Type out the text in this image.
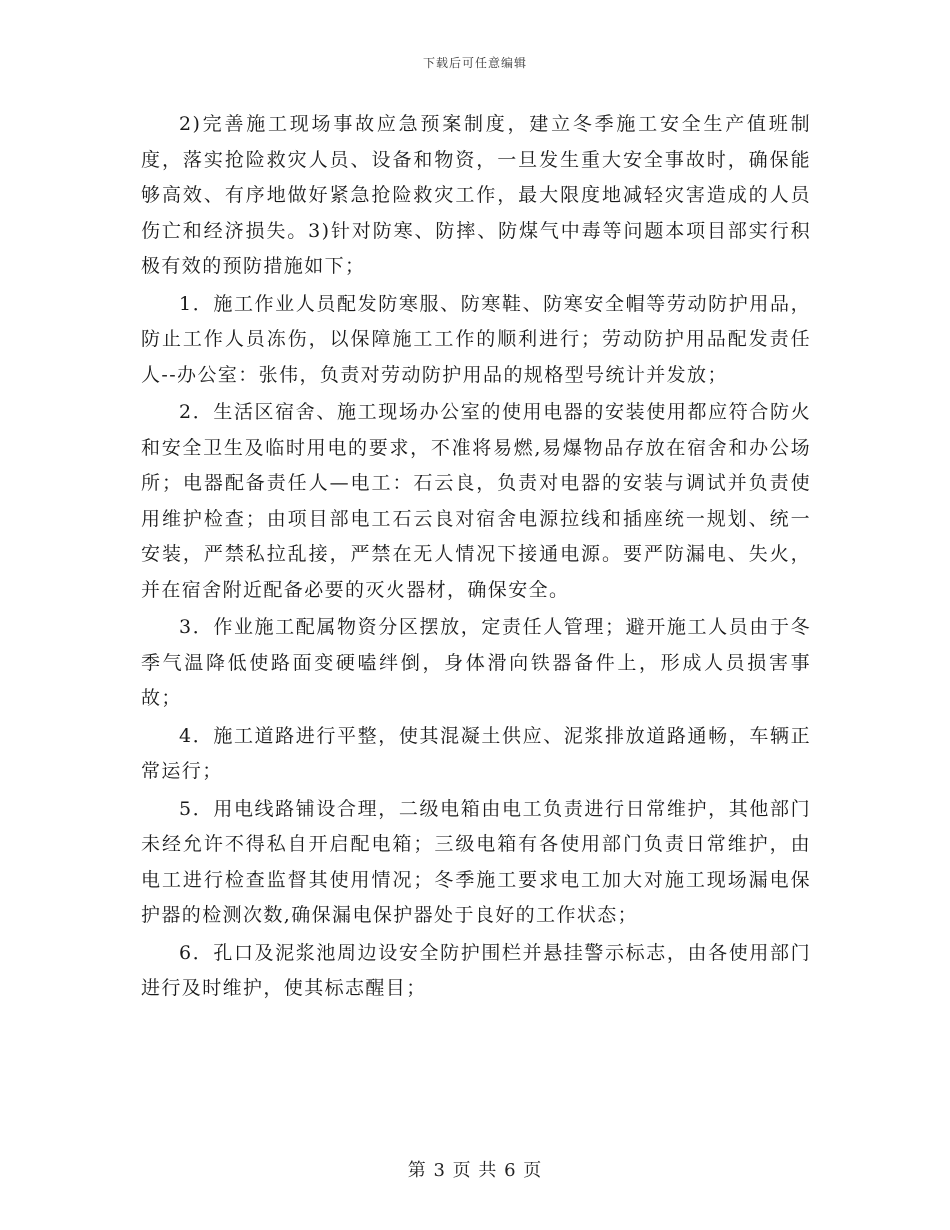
下载后可任意编辑

2)完善施工现场事故应急预案制度，建立冬季施工安全生产值班制度，落实抢险救灾人员、设备和物资，一旦发生重大安全事故时，确保能够高效、有序地做好紧急抢险救灾工作，最大限度地减轻灾害造成的人员伤亡和经济损失。3)针对防寒、防摔、防煤气中毒等问题本项目部实行积极有效的预防措施如下；

1．施工作业人员配发防寒服、防寒鞋、防寒安全帽等劳动防护用品，防止工作人员冻伤，以保障施工工作的顺利进行；劳动防护用品配发责任人--办公室：张伟，负责对劳动防护用品的规格型号统计并发放；

2．生活区宿舍、施工现场办公室的使用电器的安装使用都应符合防火和安全卫生及临时用电的要求，不准将易燃,易爆物品存放在宿舍和办公场所；电器配备责任人—电工：石云良，负责对电器的安装与调试并负责使用维护检查；由项目部电工石云良对宿舍电源拉线和插座统一规划、统一安装，严禁私拉乱接，严禁在无人情况下接通电源。要严防漏电、失火，并在宿舍附近配备必要的灭火器材，确保安全。

3．作业施工配属物资分区摆放，定责任人管理；避开施工人员由于冬季气温降低使路面变硬嗑绊倒，身体滑向铁器备件上，形成人员损害事故；

4．施工道路进行平整，使其混凝土供应、泥浆排放道路通畅，车辆正常运行；

5．用电线路铺设合理，二级电箱由电工负责进行日常维护，其他部门未经允许不得私自开启配电箱；三级电箱有各使用部门负责日常维护，由电工进行检查监督其使用情况；冬季施工要求电工加大对施工现场漏电保护器的检测次数,确保漏电保护器处于良好的工作状态；

6．孔口及泥浆池周边设安全防护围栏并悬挂警示标志，由各使用部门进行及时维护，使其标志醒目；

第 3 页 共 6 页
